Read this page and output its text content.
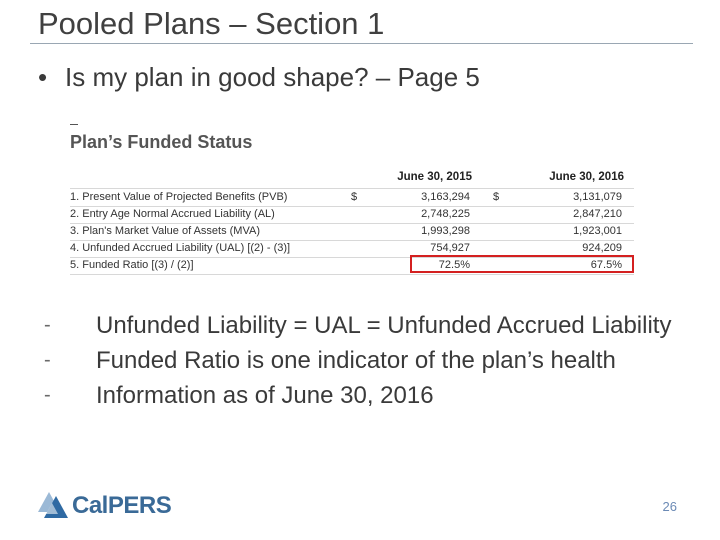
Pooled Plans – Section 1
• Is my plan in good shape? – Page 5
Plan’s Funded Status
June 30, 2015	June 30, 2016
1. Present Value of Projected Benefits (PVB)	$	3,163,294 $	3,131,079
2. Entry Age Normal Accrued Liability (AL)	2,748,225	2,847,210
3. Plan's Market Value of Assets (MVA)	1,993,298	1,923,001
4. Unfunded Accrued Liability (UAL) [(2) - (3)]	754,927	924,209
5. Funded Ratio [(3) / (2)]	72.5%	67.5%
-	Unfunded Liability = UAL = Unfunded Accrued Liability
-	Funded Ratio is one indicator of the plan’s health
-	Information as of June 30, 2016
CalPERS	26
